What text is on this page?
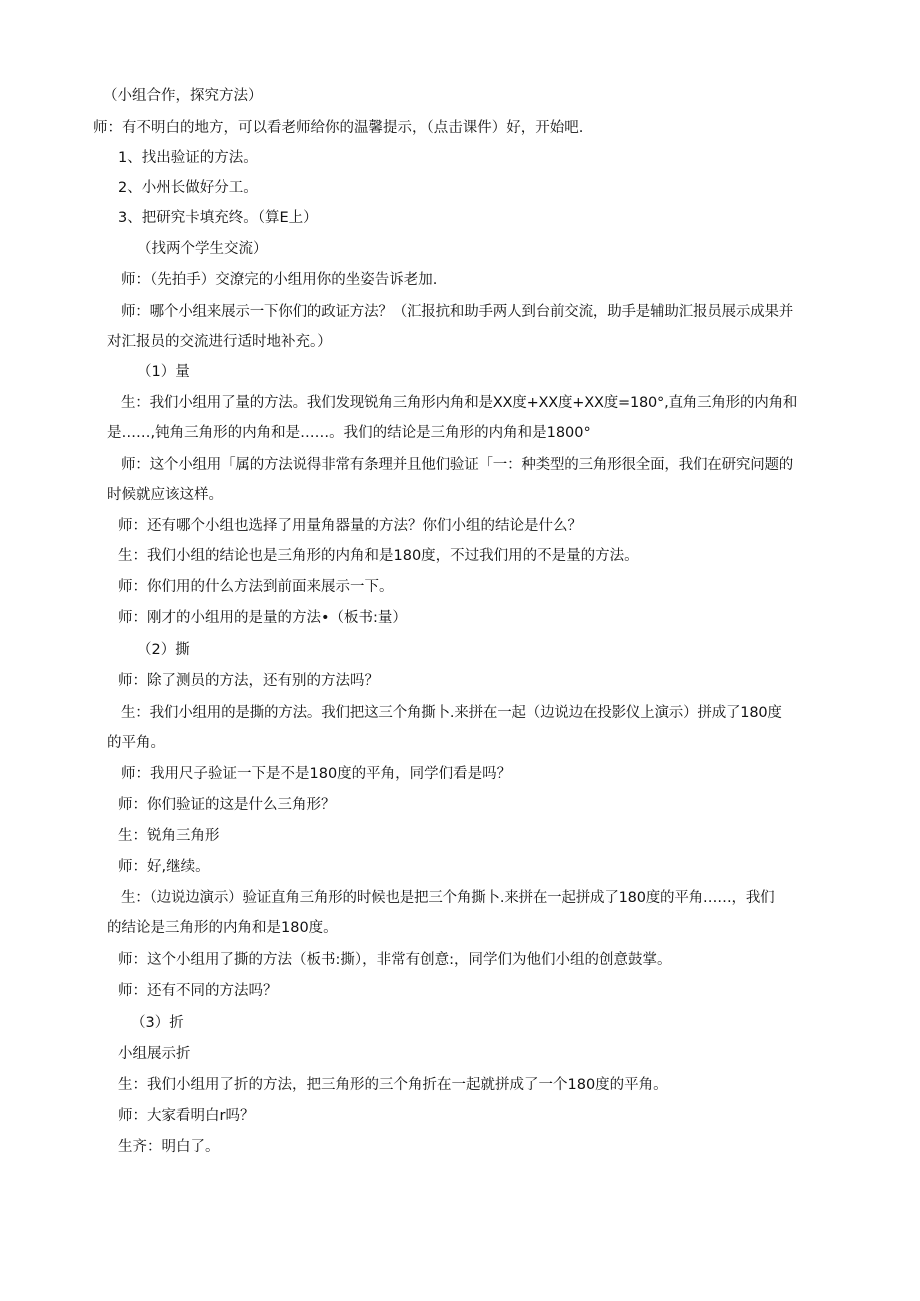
（小组合作，探究方法）
师：有不明白的地方，可以看老师给你的温馨提示，（点击课件）好，开始吧.
1、找出验证的方法。
2、小州长做好分工。
3、把研究卡填充终。（算E上）
（找两个学生交流）
师：（先拍手）交潦完的小组用你的坐姿告诉老加.
师：哪个小组来展示一下你们的政证方法？（汇报抗和助手两人到台前交流，助手是辅助汇报员展示成果并
对汇报员的交流进行适时地补充。）
（1）量
生：我们小组用了量的方法。我们发现锐角三角形内角和是XX度+XX度+XX度=180°,直角三角形的内角和
是……,钝角三角形的内角和是……。我们的结论是三角形的内角和是1800°
师：这个小组用「属的方法说得非常有条理并且他们验证「一：种类型的三角形很全面，我们在研究问题的
时候就应该这样。
师：还有哪个小组也选择了用量角器量的方法？你们小组的结论是什么？
生：我们小组的结论也是三角形的内角和是180度，不过我们用的不是量的方法。
师：你们用的什么方法到前面来展示一下。
师：刚才的小组用的是量的方法•（板书:量）
（2）撕
师：除了测员的方法，还有别的方法吗？
生：我们小组用的是撕的方法。我们把这三个角撕卜.来拼在一起（边说边在投影仪上演示）拼成了180度
的平角。
师：我用尺子验证一下是不是180度的平角，同学们看是吗？
师：你们验证的这是什么三角形？
生：锐角三角形
师：好,继续。
生：（边说边演示）验证直角三角形的时候也是把三个角撕卜.来拼在一起拼成了180度的平角……，我们
的结论是三角形的内角和是180度。
师：这个小组用了撕的方法（板书:撕），非常有创意:，同学们为他们小组的创意鼓掌。
师：还有不同的方法吗？
（3）折
小组展示折
生：我们小组用了折的方法，把三角形的三个角折在一起就拼成了一个180度的平角。
师：大家看明白r吗？
生齐：明白了。
